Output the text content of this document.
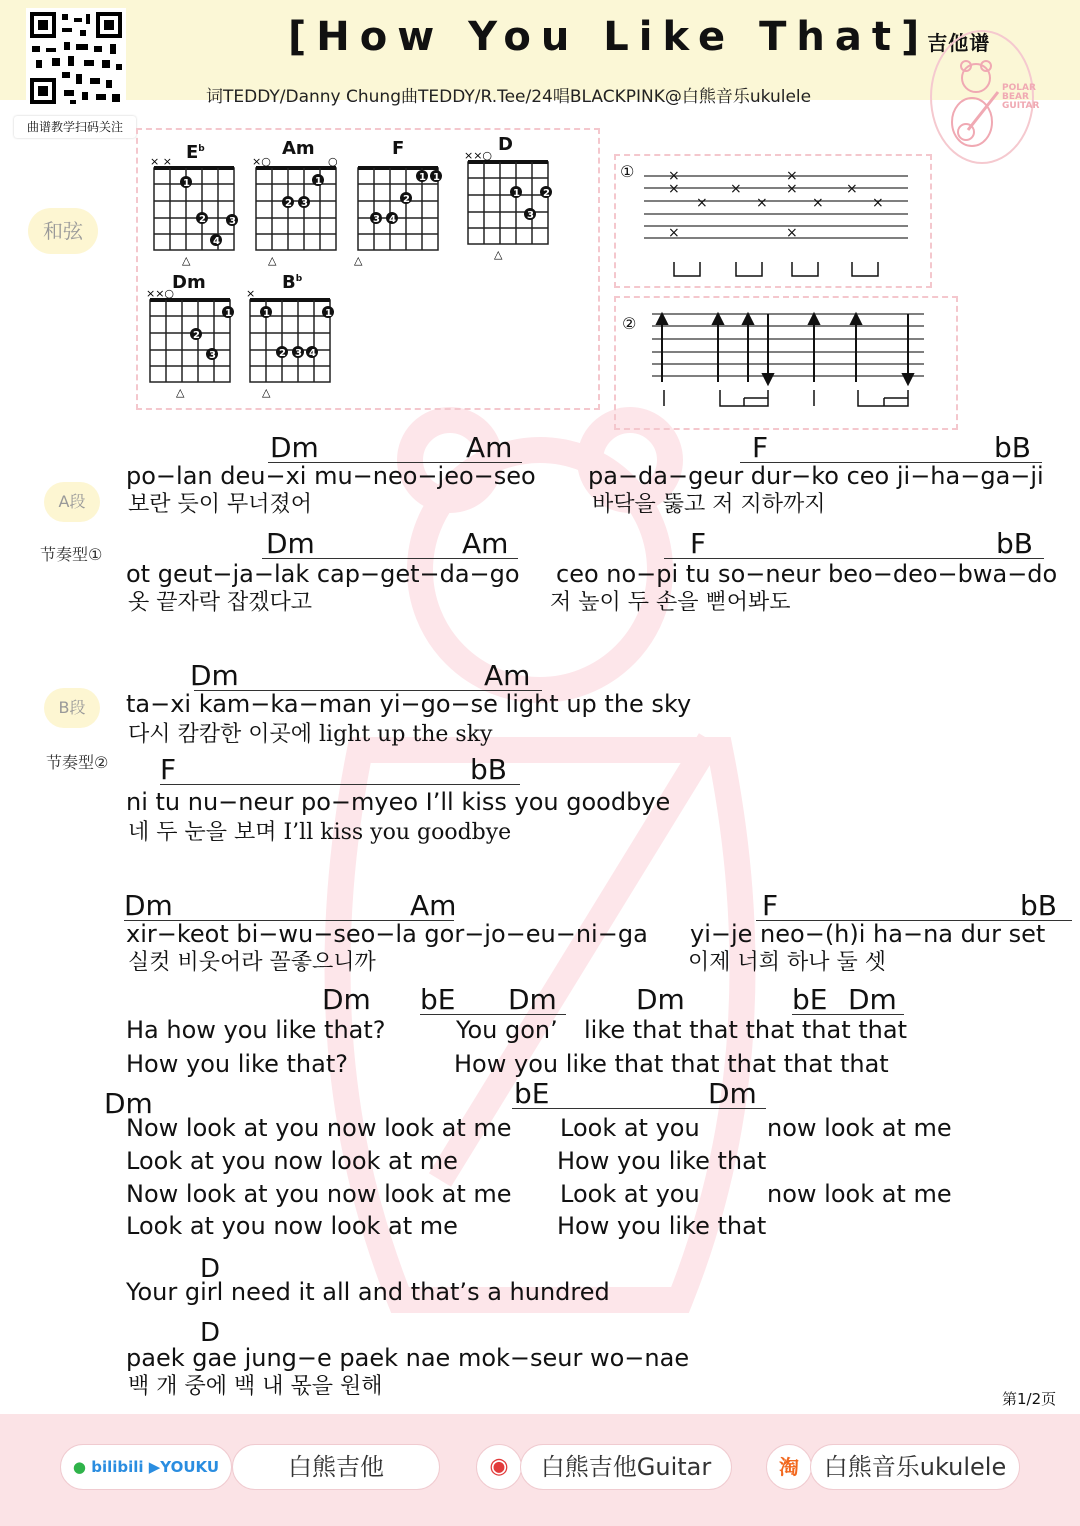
曲谱教学扫码关注
[How You Like That]吉他谱
词TEDDY/Danny Chung曲TEDDY/R.Tee/24唱BLACKPINK@白熊音乐ukulele	POLAR BEAR GUITAR
和弦
A段
节奏型①
B段
节奏型②
$E^b$	Am	F	D
Dm	$B^b$
× ×
1
2 3
4
△
×○	○
1
2 3
△
1 1
2
3 4
△
××○
1 2
3
△
××○
1
2
3
△
×
1	1
2 3 4
△
① ×
×
×
×
×
×
×
×
×
×
×	×
②
Dm	Am	F	bB
po−lan deu−xi mu−neo−jeo−seo pa−da−geur dur−ko ceo ji−ha−ga−ji
보란 듯이 무너졌어	바닥을 뚫고 저 지하까지
Dm	Am	F	bB
ot geut−ja−lak cap−get−da−go ceo no−pi tu so−neur beo−deo−bwa−do
옷 끝자락 잡겠다고	저 높이 두 손을 뻗어봐도
Dm	Am
ta−xi kam−ka−man yi−go−se light up the sky
다시 캄캄한 이곳에 light up the sky
F	bB
ni tu nu−neur po−myeo I’ll kiss you goodbye
네 두 눈을 보며 I’ll kiss you goodbye
Dm	Am	F	bB
xir−keot bi−wu−seo−la gor−jo−eu−ni−ga yi−je neo−(h)i ha−na dur set
실컷 비웃어라 꼴좋으니까	이제 너희 하나 둘 셋
Dm bE Dm	Dm	bE Dm
Ha how you like that?	You gon’ like that that that that that
How you like that?	How you like that that that that that
Dm	bE	Dm
Now look at you now look at me Look at you	now look at me
Look at you now look at me	How you like that
Now look at you now look at me Look at you	now look at me
Look at you now look at me	How you like that
D
Your girl need it all and that’s a hundred
D
paek gae jung−e paek nae mok−seur wo−nae
백 개 중에 백 내 몫을 원해	第1/2页
● bilibili ▶YOUKU	白熊吉他	◉	白熊吉他Guitar	淘	白熊音乐ukulele
